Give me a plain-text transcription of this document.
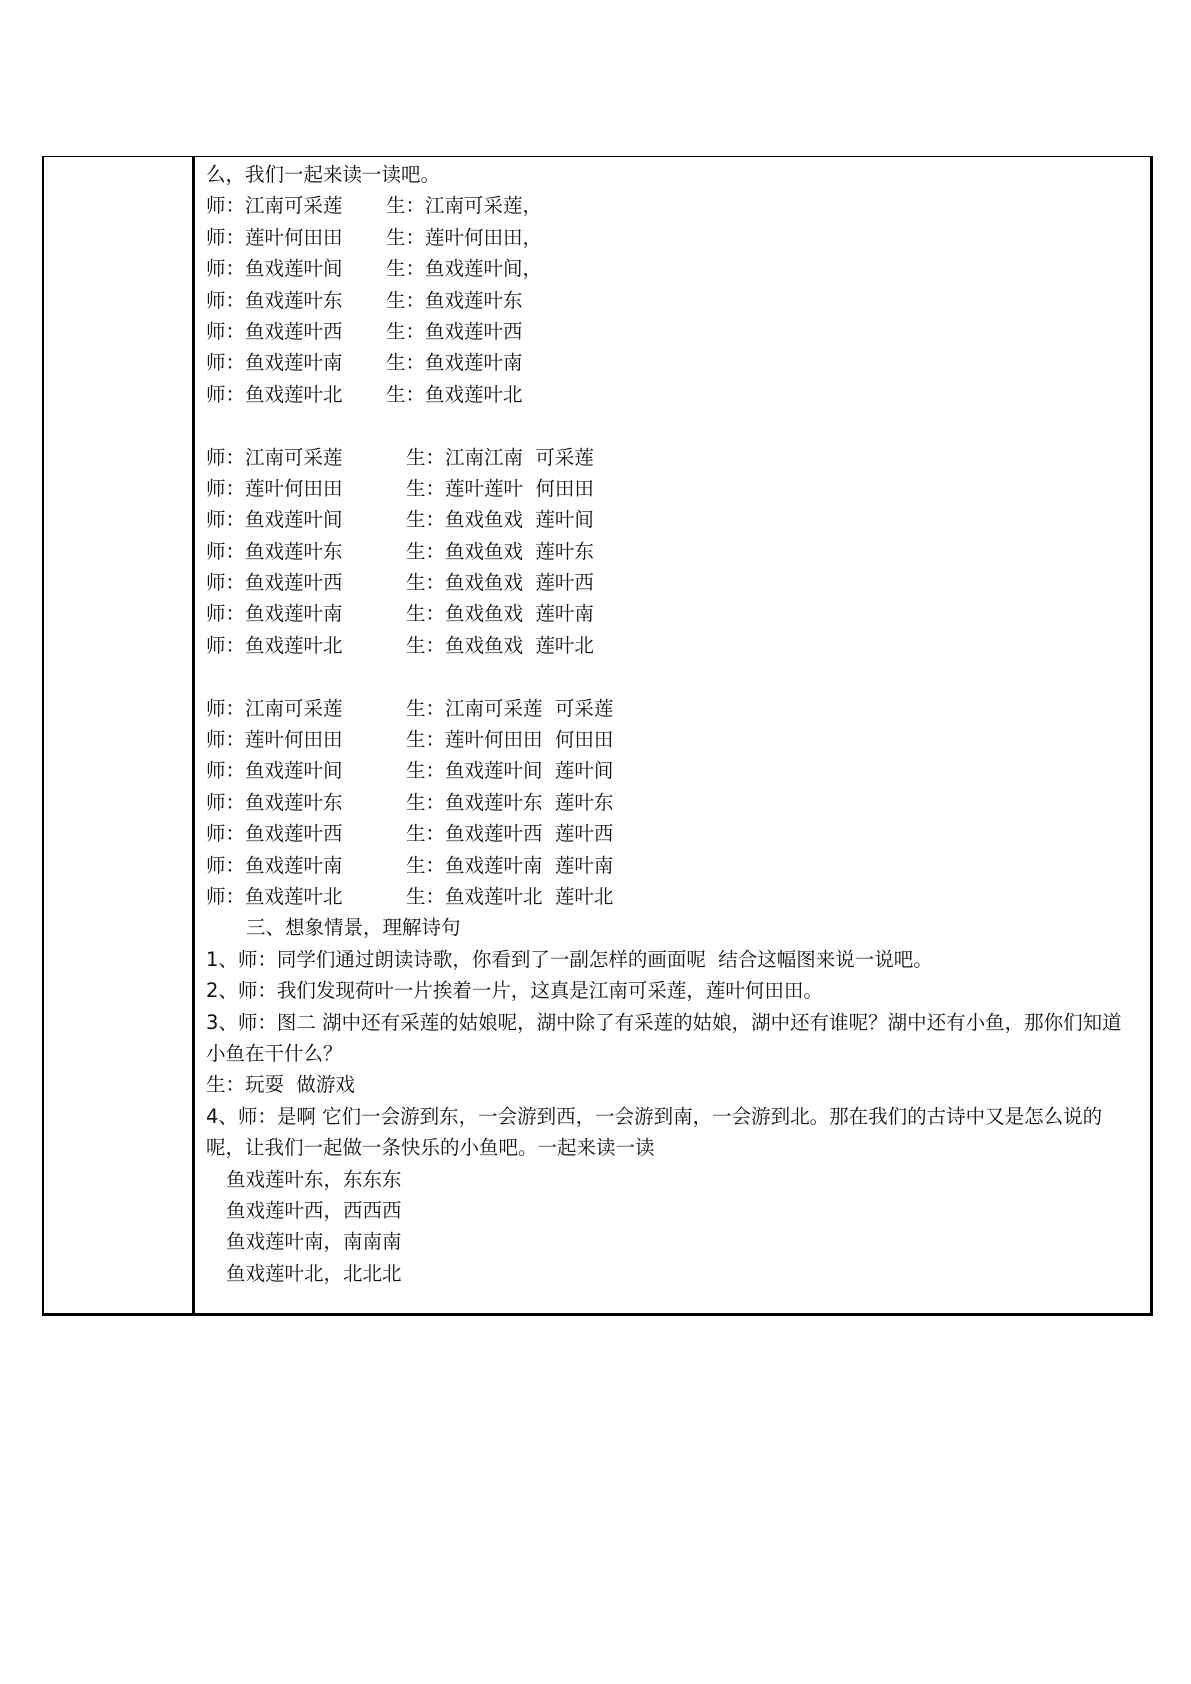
么，我们一起来读一读吧。
师：江南可采莲	生：江南可采莲，
师：莲叶何田田	生：莲叶何田田，
师：鱼戏莲叶间	生：鱼戏莲叶间，
师：鱼戏莲叶东	生：鱼戏莲叶东
师：鱼戏莲叶西	生：鱼戏莲叶西
师：鱼戏莲叶南	生：鱼戏莲叶南
师：鱼戏莲叶北	生：鱼戏莲叶北
师：江南可采莲	生：江南江南  可采莲
师：莲叶何田田	生：莲叶莲叶  何田田
师：鱼戏莲叶间	生：鱼戏鱼戏  莲叶间
师：鱼戏莲叶东	生：鱼戏鱼戏  莲叶东
师：鱼戏莲叶西	生：鱼戏鱼戏  莲叶西
师：鱼戏莲叶南	生：鱼戏鱼戏  莲叶南
师：鱼戏莲叶北	生：鱼戏鱼戏  莲叶北
师：江南可采莲	生：江南可采莲  可采莲
师：莲叶何田田	生：莲叶何田田  何田田
师：鱼戏莲叶间	生：鱼戏莲叶间  莲叶间
师：鱼戏莲叶东	生：鱼戏莲叶东  莲叶东
师：鱼戏莲叶西	生：鱼戏莲叶西  莲叶西
师：鱼戏莲叶南	生：鱼戏莲叶南  莲叶南
师：鱼戏莲叶北	生：鱼戏莲叶北  莲叶北
三、想象情景，理解诗句
1、师：同学们通过朗读诗歌，你看到了一副怎样的画面呢  结合这幅图来说一说吧。
2、师：我们发现荷叶一片挨着一片，这真是江南可采莲，莲叶何田田。
3、师：图二 湖中还有采莲的姑娘呢，湖中除了有采莲的姑娘，湖中还有谁呢？湖中还有小鱼，那你们知道小鱼在干什么？
生：玩耍  做游戏
4、师：是啊 它们一会游到东，一会游到西，一会游到南，一会游到北。那在我们的古诗中又是怎么说的呢，让我们一起做一条快乐的小鱼吧。一起来读一读
鱼戏莲叶东，东东东
鱼戏莲叶西，西西西
鱼戏莲叶南，南南南
鱼戏莲叶北，北北北
